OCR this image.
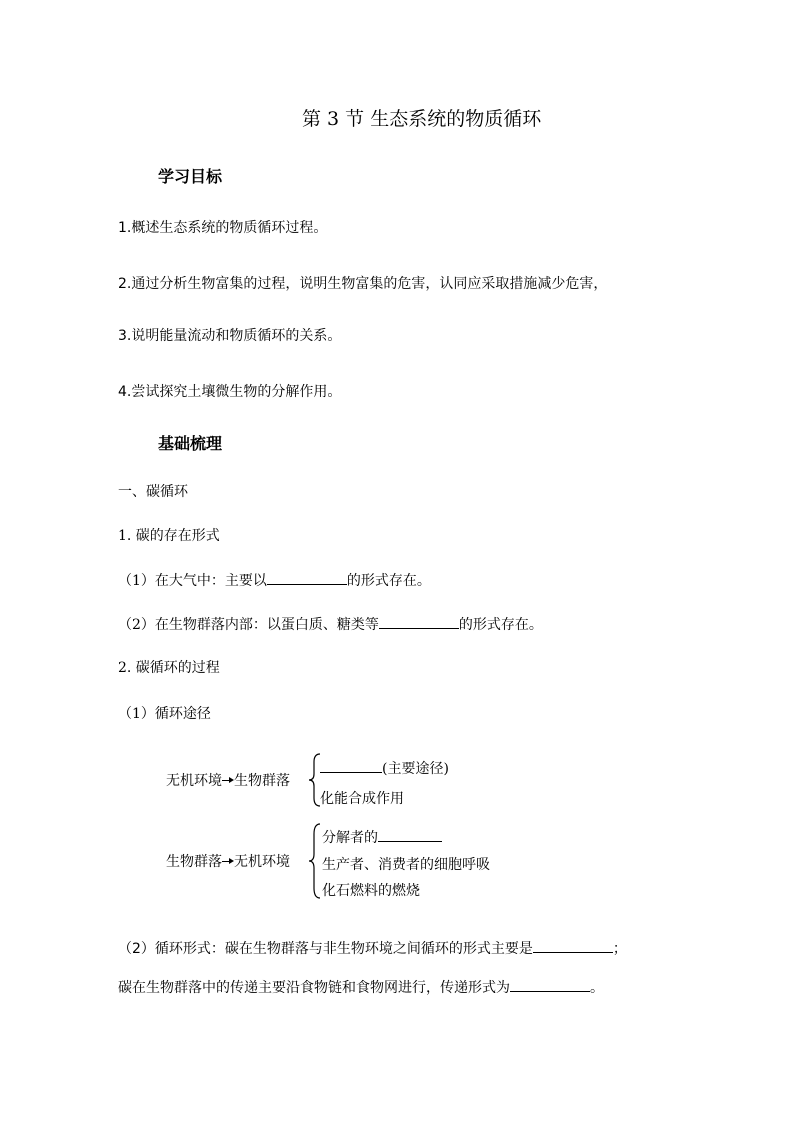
第 3 节 生态系统的物质循环
学习目标
1.概述生态系统的物质循环过程。
2.通过分析生物富集的过程，说明生物富集的危害，认同应采取措施减少危害，
3.说明能量流动和物质循环的关系。
4.尝试探究土壤微生物的分解作用。
基础梳理
一、碳循环
1. 碳的存在形式
（1）在大气中：主要以	的形式存在。
（2）在生物群落内部：以蛋白质、糖类等	的形式存在。
2. 碳循环的过程
（1）循环途径
无机环境 生物群落
(主要途径)
化能合成作用
生物群落 无机环境
分解者的
生产者、消费者的细胞呼吸
化石燃料的燃烧
（2）循环形式：碳在生物群落与非生物环境之间循环的形式主要是	；
碳在生物群落中的传递主要沿食物链和食物网进行，传递形式为	。
